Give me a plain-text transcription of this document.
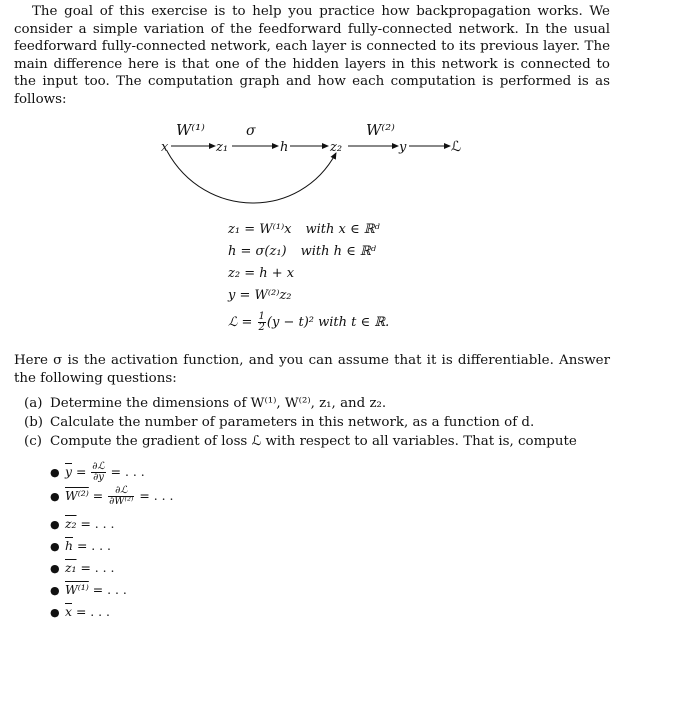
The goal of this exercise is to help you practice how backpropagation works. We consider a simple variation of the feedforward fully-connected network. In the usual feedforward fully-connected network, each layer is connected to its previous layer. The main difference here is that one of the hidden layers in this network is connected to the input too. The computation graph and how each computation is performed is as follows:
W⁽¹⁾	σ	W⁽²⁾
x	z₁	h	z₂	y	ℒ
z₁ = W⁽¹⁾x with x ∈ ℝᵈ
h = σ(z₁) with h ∈ ℝᵈ
z₂ = h + x
y = W⁽²⁾z₂
ℒ = $\frac{1}{2} (y - t)^2$ with t ∈ ℝ.
Here σ is the activation function, and you can assume that it is differentiable. Answer the following questions:
(a) Determine the dimensions of W⁽¹⁾, W⁽²⁾, z₁, and z₂.
(b) Calculate the number of parameters in this network, as a function of d.
(c) Compute the gradient of loss ℒ with respect to all variables. That is, compute
● $\overline{y} = \frac{\text{∂ℒ}}{\partial y}$ = . . .
● $W^{(2)} = \frac{\text{∂ℒ}}{\text{∂W⁽²⁾}}$ = . . .
● z₂ = . . .
● $\overline{h}$ = . . .
● z₁ = . . .
● W⁽¹⁾ = . . .
● $\overline{x}$ = . . .
